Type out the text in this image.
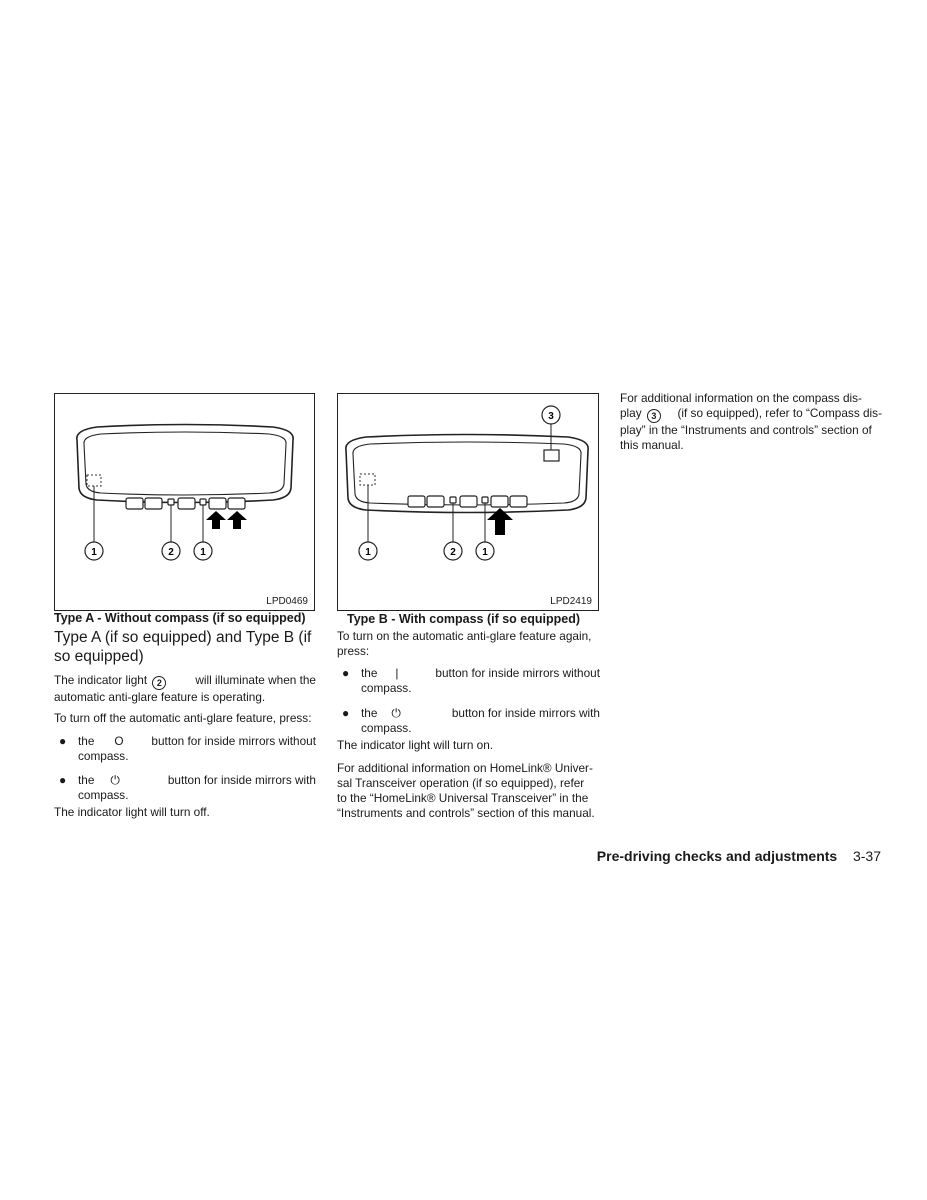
1	2	1
LPD0469
Type A - Without compass (if so equipped)
1	2	1
3
LPD2419
Type B - With compass (if so equipped)
Type A (if so equipped) and Type B (if
so equipped)
The indicator light 2	will illuminate when the
automatic anti-glare feature is operating.
To turn off the automatic anti-glare feature, press:
● the O button for inside mirrors without
compass.
● the ⏻	button for inside mirrors with
compass.
The indicator light will turn off.
To turn on the automatic anti-glare feature again,
press:
● the |	button for inside mirrors without
compass.
● the ⏻	button for inside mirrors with
compass.
The indicator light will turn on.
For additional information on HomeLink® Univer-
sal Transceiver operation (if so equipped), refer
to the “HomeLink® Universal Transceiver” in the
“Instruments and controls” section of this manual.
For additional information on the compass dis-
play 3	(if so equipped), refer to “Compass dis-
play” in the “Instruments and controls” section of
this manual.
Pre-driving checks and adjustments 3-37
